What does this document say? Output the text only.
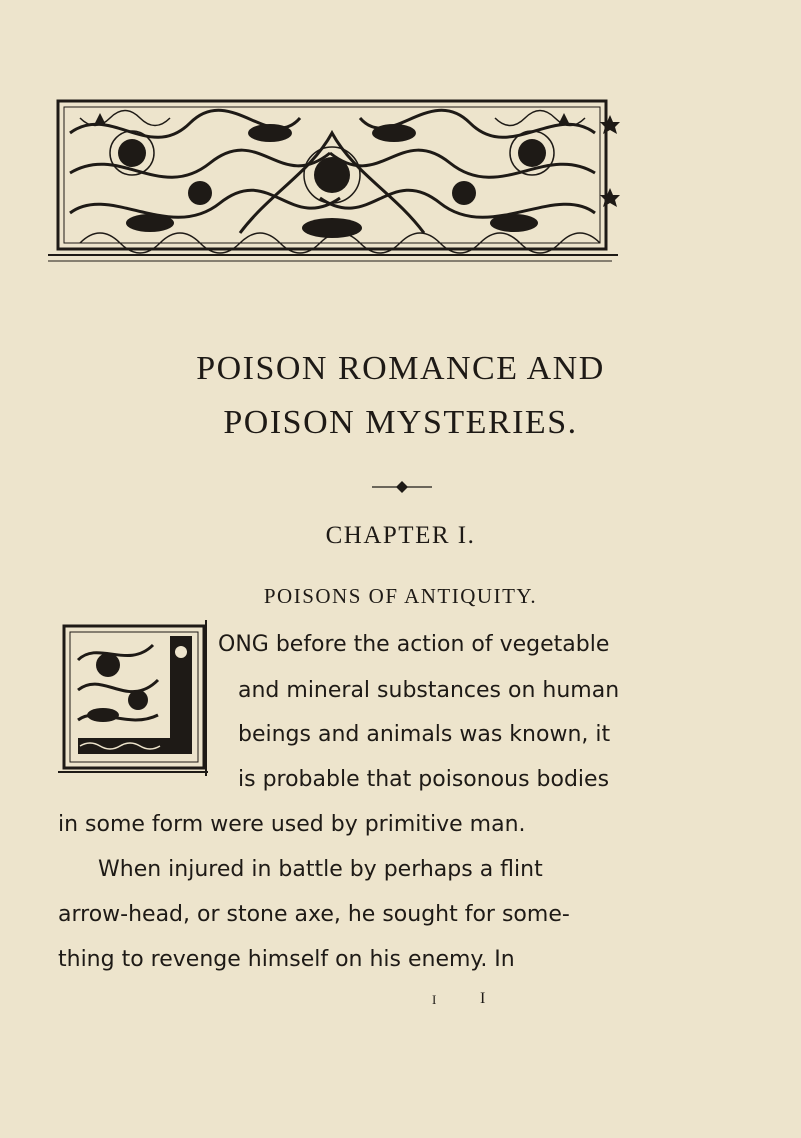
POISON ROMANCE AND
POISON MYSTERIES.
CHAPTER I.
POISONS OF ANTIQUITY.
L
ONG before the action of vegetable
and mineral substances on human
beings and animals was known, it
is probable that poisonous bodies
in some form were used by primitive man.
When injured in battle by perhaps a flint
arrow-head, or stone axe, he sought for some-
thing to revenge himself on his enemy. In
I	I
